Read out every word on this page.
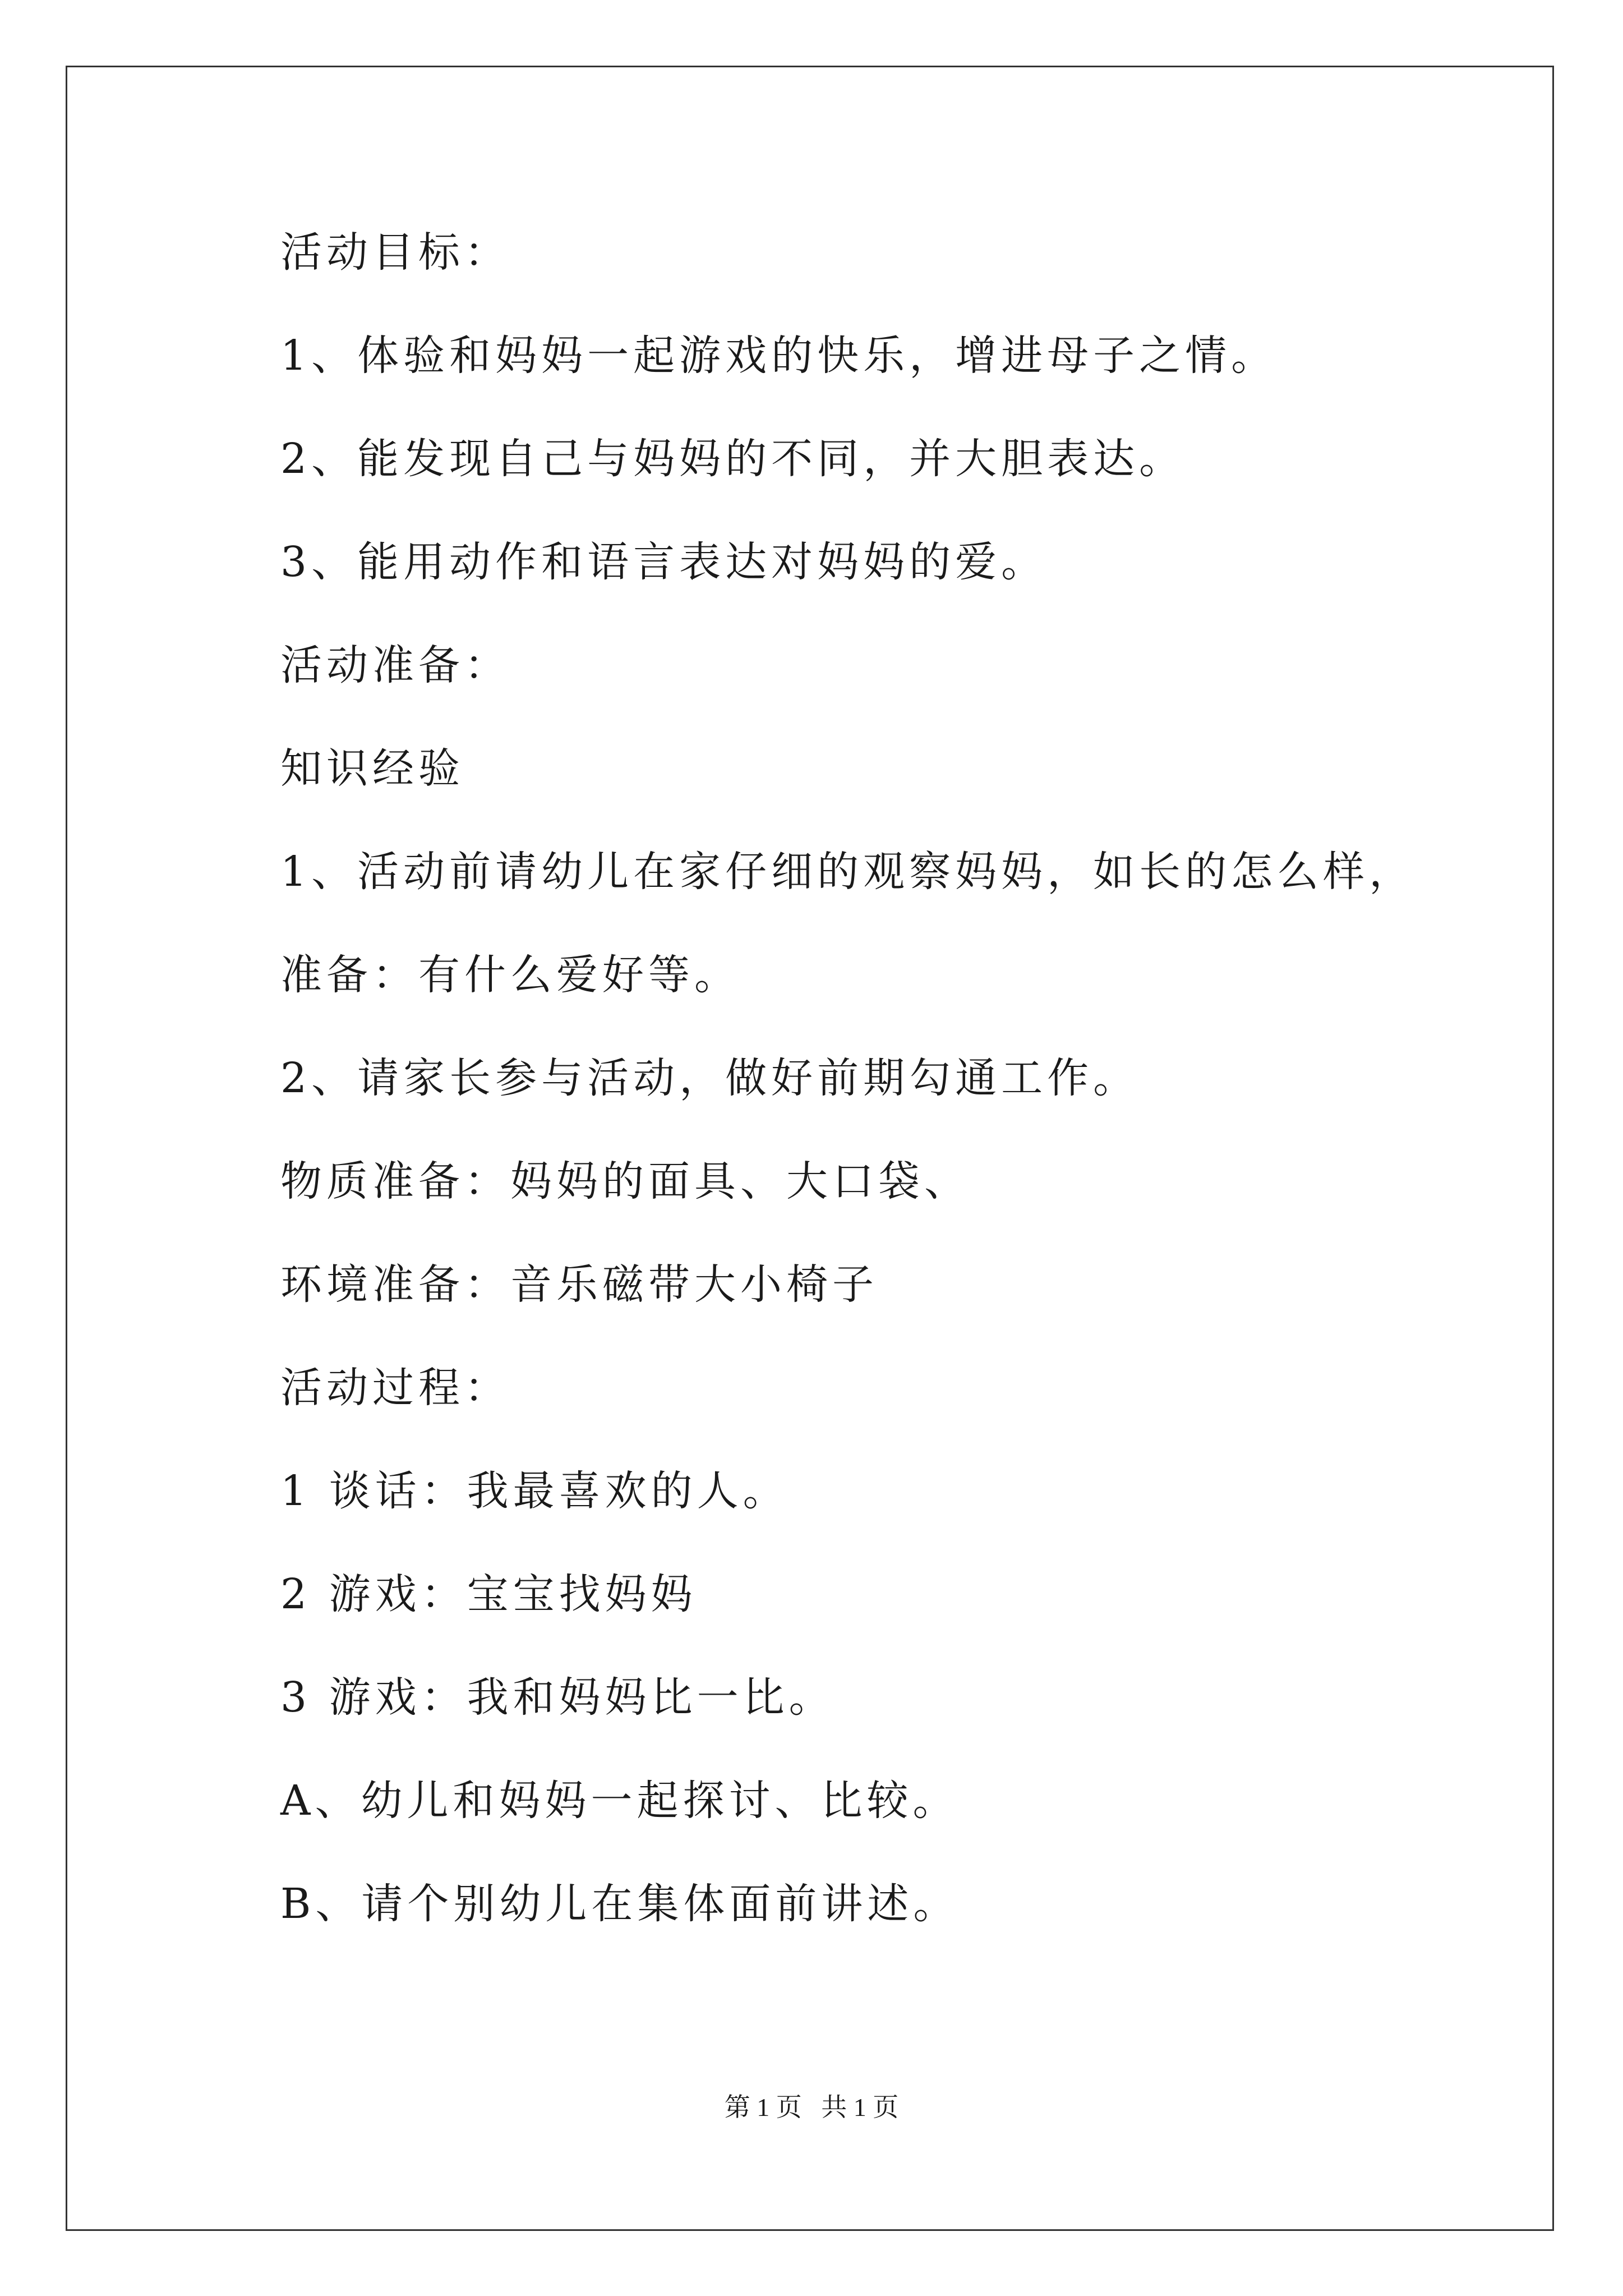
活动目标：
1、体验和妈妈一起游戏的快乐，增进母子之情。
2、能发现自己与妈妈的不同，并大胆表达。
3、能用动作和语言表达对妈妈的爱。
活动准备：
知识经验
1、活动前请幼儿在家仔细的观察妈妈，如长的怎么样，
准备：有什么爱好等。
2、请家长参与活动，做好前期勾通工作。
物质准备：妈妈的面具、大口袋、
环境准备：音乐磁带大小椅子
活动过程：
1 谈话：我最喜欢的人。
2 游戏：宝宝找妈妈
3 游戏：我和妈妈比一比。
A、幼儿和妈妈一起探讨、比较。
B、请个别幼儿在集体面前讲述。
第 1 页   共 1 页
